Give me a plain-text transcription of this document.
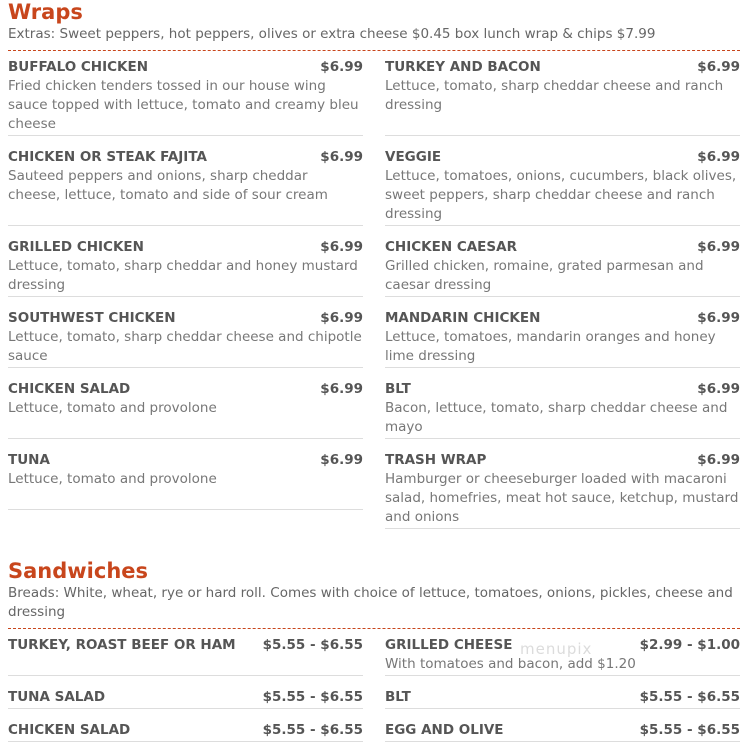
Wraps
Extras: Sweet peppers, hot peppers, olives or extra cheese $0.45 box lunch wrap & chips $7.99
BUFFALO CHICKEN	$6.99
Fried chicken tenders tossed in our house wing sauce topped with lettuce, tomato and creamy bleu cheese
CHICKEN OR STEAK FAJITA	$6.99
Sauteed peppers and onions, sharp cheddar cheese, lettuce, tomato and side of sour cream
GRILLED CHICKEN	$6.99
Lettuce, tomato, sharp cheddar and honey mustard dressing
SOUTHWEST CHICKEN	$6.99
Lettuce, tomato, sharp cheddar cheese and chipotle sauce
CHICKEN SALAD	$6.99
Lettuce, tomato and provolone
TUNA	$6.99
Lettuce, tomato and provolone
TURKEY AND BACON	$6.99
Lettuce, tomato, sharp cheddar cheese and ranch dressing
VEGGIE	$6.99
Lettuce, tomatoes, onions, cucumbers, black olives, sweet peppers, sharp cheddar cheese and ranch dressing
CHICKEN CAESAR	$6.99
Grilled chicken, romaine, grated parmesan and caesar dressing
MANDARIN CHICKEN	$6.99
Lettuce, tomatoes, mandarin oranges and honey lime dressing
BLT	$6.99
Bacon, lettuce, tomato, sharp cheddar cheese and mayo
TRASH WRAP	$6.99
Hamburger or cheeseburger loaded with macaroni salad, homefries, meat hot sauce, ketchup, mustard and onions
Sandwiches
Breads: White, wheat, rye or hard roll. Comes with choice of lettuce, tomatoes, onions, pickles, cheese and dressing
TURKEY, ROAST BEEF OR HAM $5.55 - $6.55
TUNA SALAD	$5.55 - $6.55
CHICKEN SALAD	$5.55 - $6.55
GRILLED CHEESE	$2.99 - $1.00
With tomatoes and bacon, add $1.20
BLT	$5.55 - $6.55
EGG AND OLIVE	$5.55 - $6.55
menupix
